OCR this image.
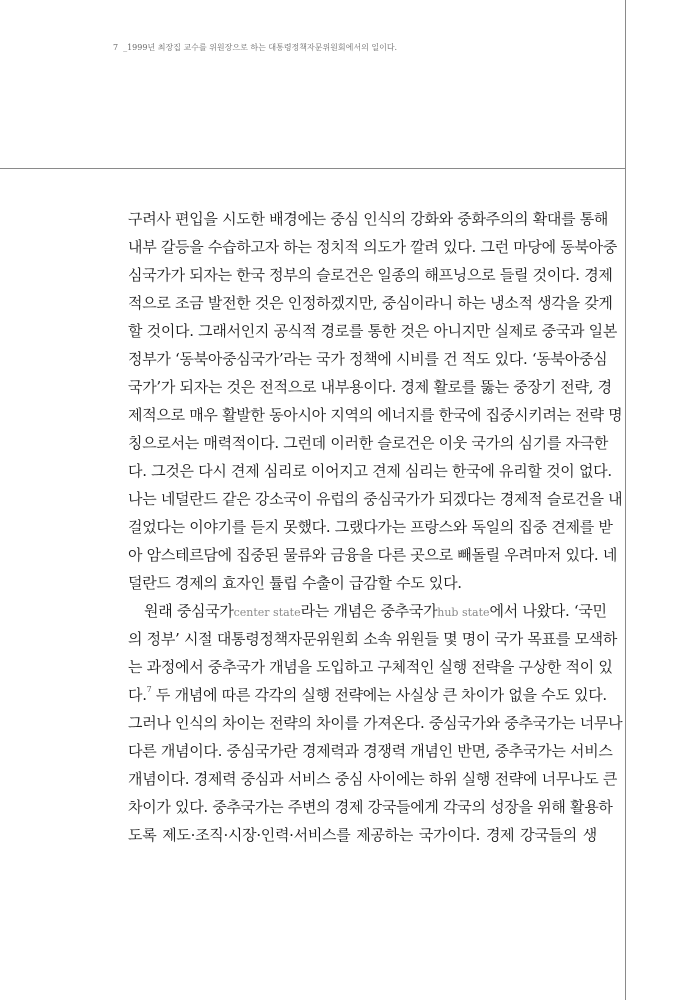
7 _1999년 최장집 교수를 위원장으로 하는 대통령정책자문위원회에서의 일이다.

구려사 편입을 시도한 배경에는 중심 인식의 강화와 중화주의의 확대를 통해
내부 갈등을 수습하고자 하는 정치적 의도가 깔려 있다. 그런 마당에 동북아중
심국가가 되자는 한국 정부의 슬로건은 일종의 해프닝으로 들릴 것이다. 경제
적으로 조금 발전한 것은 인정하겠지만, 중심이라니 하는 냉소적 생각을 갖게
할 것이다. 그래서인지 공식적 경로를 통한 것은 아니지만 실제로 중국과 일본
정부가 ‘동북아중심국가’라는 국가 정책에 시비를 건 적도 있다. ‘동북아중심
국가’가 되자는 것은 전적으로 내부용이다. 경제 활로를 뚫는 중장기 전략, 경
제적으로 매우 활발한 동아시아 지역의 에너지를 한국에 집중시키려는 전략 명
칭으로서는 매력적이다. 그런데 이러한 슬로건은 이웃 국가의 심기를 자극한
다. 그것은 다시 견제 심리로 이어지고 견제 심리는 한국에 유리할 것이 없다.
나는 네덜란드 같은 강소국이 유럽의 중심국가가 되겠다는 경제적 슬로건을 내
걸었다는 이야기를 듣지 못했다. 그랬다가는 프랑스와 독일의 집중 견제를 받
아 암스테르담에 집중된 물류와 금융을 다른 곳으로 빼돌릴 우려마저 있다. 네
덜란드 경제의 효자인 튤립 수출이 급감할 수도 있다.
원래 중심국가center state라는 개념은 중추국가hub state에서 나왔다. ‘국민
의 정부’ 시절 대통령정책자문위원회 소속 위원들 몇 명이 국가 목표를 모색하
는 과정에서 중추국가 개념을 도입하고 구체적인 실행 전략을 구상한 적이 있
다.$^7$ 두 개념에 따른 각각의 실행 전략에는 사실상 큰 차이가 없을 수도 있다.
그러나 인식의 차이는 전략의 차이를 가져온다. 중심국가와 중추국가는 너무나
다른 개념이다. 중심국가란 경제력과 경쟁력 개념인 반면, 중추국가는 서비스
개념이다. 경제력 중심과 서비스 중심 사이에는 하위 실행 전략에 너무나도 큰
차이가 있다. 중추국가는 주변의 경제 강국들에게 각국의 성장을 위해 활용하
도록 제도·조직·시장·인력·서비스를 제공하는 국가이다. 경제 강국들의 생
